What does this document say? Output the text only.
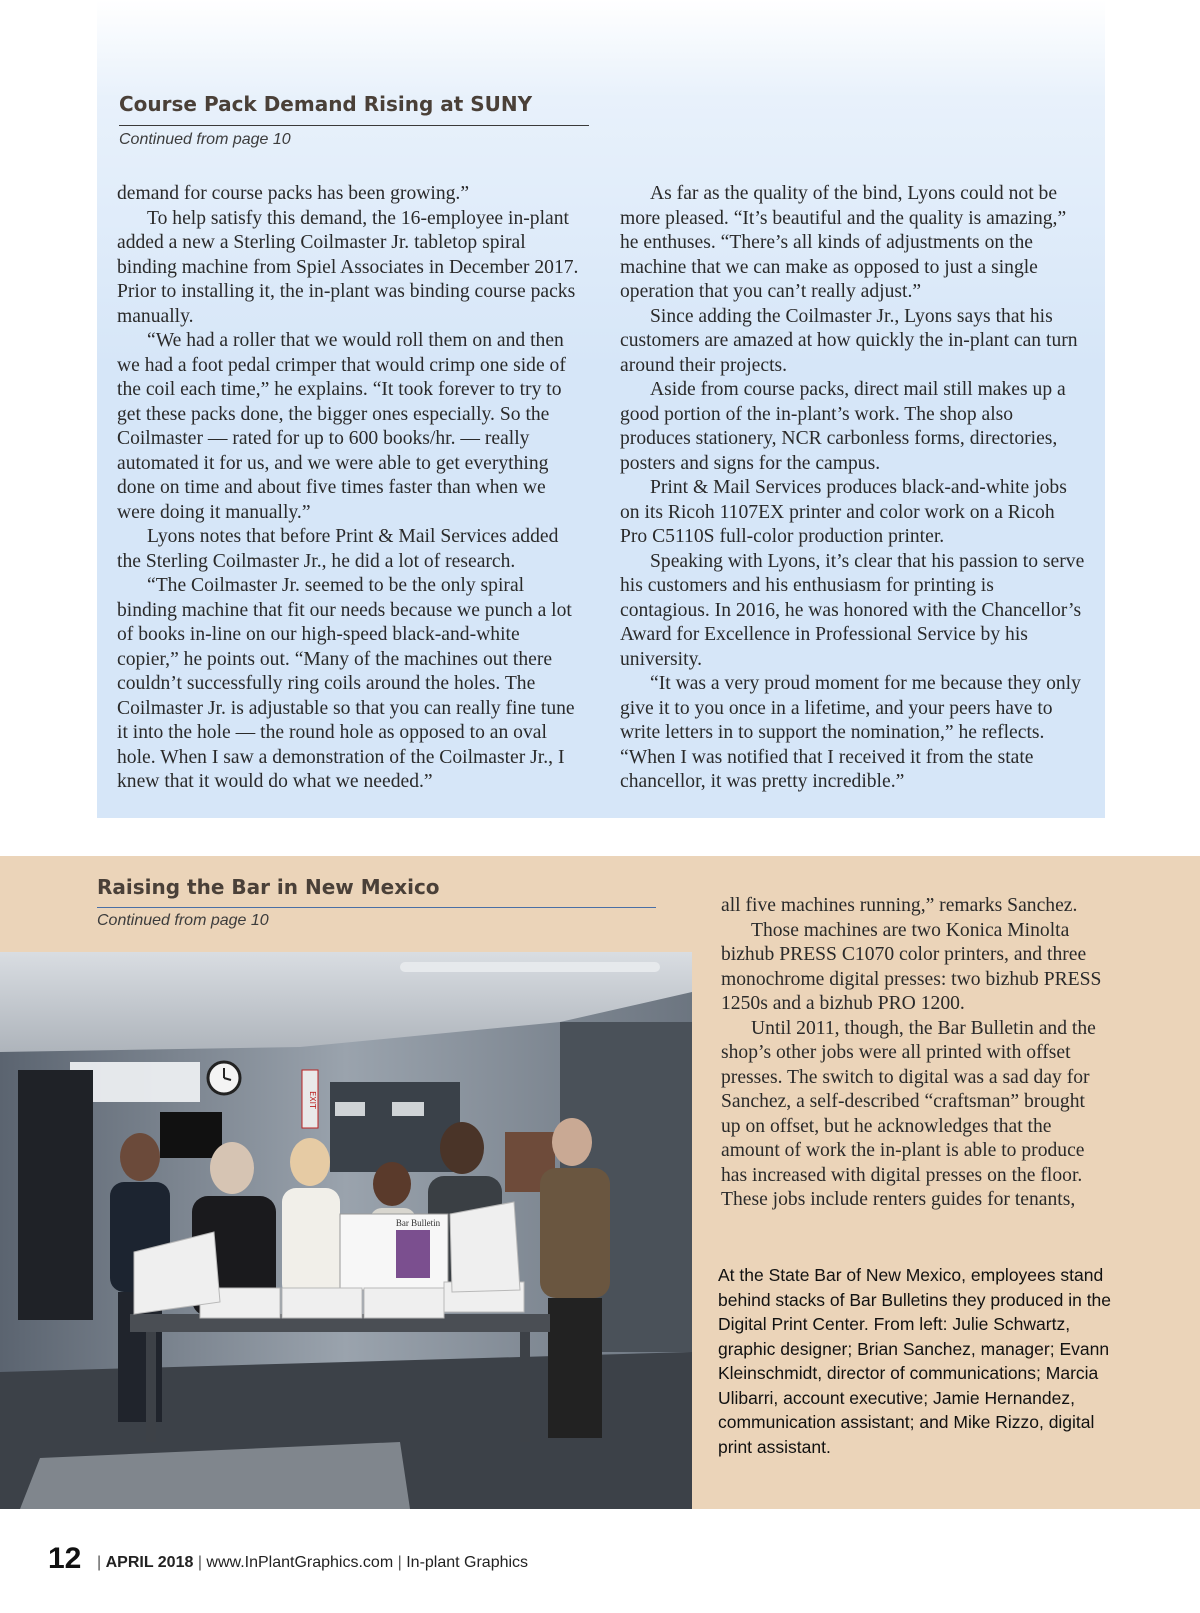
Course Pack Demand Rising at SUNY

Continued from page 10

demand for course packs has been growing.”

To help satisfy this demand, the 16-employee in-plant added a new a Sterling Coilmaster Jr. tabletop spiral binding machine from Spiel Associates in December 2017. Prior to installing it, the in-plant was binding course packs manually.

“We had a roller that we would roll them on and then we had a foot pedal crimper that would crimp one side of the coil each time,” he explains. “It took forever to try to get these packs done, the bigger ones especially. So the Coilmaster — rated for up to 600 books/hr. — really automated it for us, and we were able to get everything done on time and about five times faster than when we were doing it manually.”

Lyons notes that before Print & Mail Services added the Sterling Coilmaster Jr., he did a lot of research.

“The Coilmaster Jr. seemed to be the only spiral binding machine that fit our needs because we punch a lot of books in-line on our high-speed black-and-white copier,” he points out. “Many of the machines out there couldn’t successfully ring coils around the holes. The Coilmaster Jr. is adjustable so that you can really fine tune it into the hole — the round hole as opposed to an oval hole. When I saw a demonstration of the Coilmaster Jr., I knew that it would do what we needed.”

As far as the quality of the bind, Lyons could not be more pleased. “It’s beautiful and the quality is amazing,” he enthuses. “There’s all kinds of adjustments on the machine that we can make as opposed to just a single operation that you can’t really adjust.”

Since adding the Coilmaster Jr., Lyons says that his customers are amazed at how quickly the in-plant can turn around their projects.

Aside from course packs, direct mail still makes up a good portion of the in-plant’s work. The shop also produces stationery, NCR carbonless forms, directories, posters and signs for the campus.

Print & Mail Services produces black-and-white jobs on its Ricoh 1107EX printer and color work on a Ricoh Pro C5110S full-color production printer.

Speaking with Lyons, it’s clear that his passion to serve his customers and his enthusiasm for printing is contagious. In 2016, he was honored with the Chancellor’s Award for Excellence in Professional Service by his university.

“It was a very proud moment for me because they only give it to you once in a lifetime, and your peers have to write letters in to support the nomination,” he reflects. “When I was notified that I received it from the state chancellor, it was pretty incredible.”

Raising the Bar in New Mexico

Continued from page 10

all five machines running,” remarks Sanchez.

Those machines are two Konica Minolta bizhub PRESS C1070 color printers, and three monochrome digital presses: two bizhub PRESS 1250s and a bizhub PRO 1200.

Until 2011, though, the Bar Bulletin and the shop’s other jobs were all printed with offset presses. The switch to digital was a sad day for Sanchez, a self-described “craftsman” brought up on offset, but he acknowledges that the amount of work the in-plant is able to produce has increased with digital presses on the floor. These jobs include renters guides for tenants,

EXIT
Bar Bulletin

At the State Bar of New Mexico, employees stand behind stacks of Bar Bulletins they produced in the Digital Print Center. From left: Julie Schwartz, graphic designer; Brian Sanchez, manager; Evann Kleinschmidt, director of communications; Marcia Ulibarri, account executive; Jamie Hernandez, communication assistant; and Mike Rizzo, digital print assistant.

12 | APRIL 2018 | www.InPlantGraphics.com | In-plant Graphics
